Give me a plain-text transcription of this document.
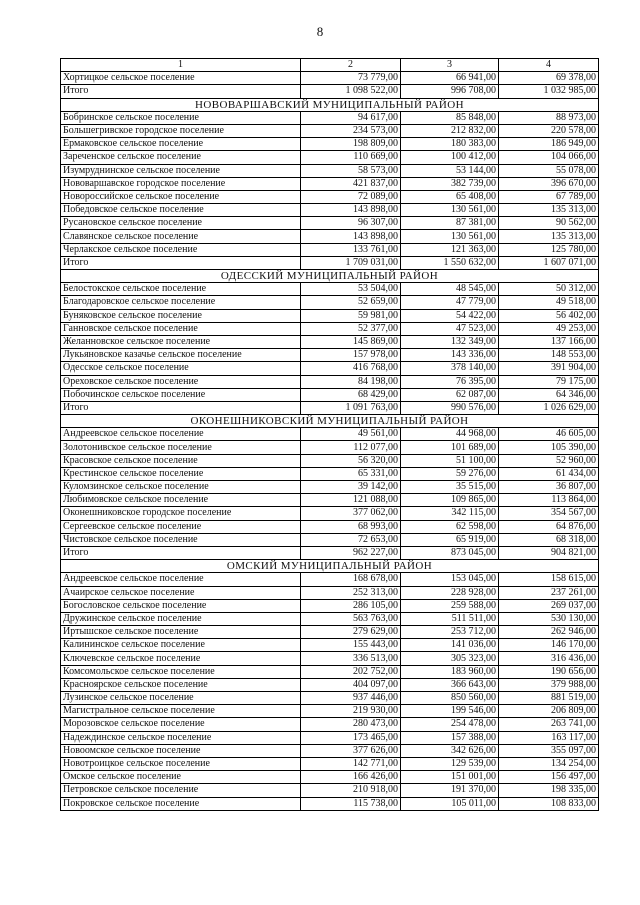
8
1	2	3	4
Хортицкое сельское поселение	73 779,00	66 941,00	69 378,00
Итого	1 098 522,00	996 708,00	1 032 985,00
НОВОВАРШАВСКИЙ МУНИЦИПАЛЬНЫЙ РАЙОН			
Бобринское сельское поселение	94 617,00	85 848,00	88 973,00
Большегривское городское поселение	234 573,00	212 832,00	220 578,00
Ермаковское сельское поселение	198 809,00	180 383,00	186 949,00
Зареченское сельское поселение	110 669,00	100 412,00	104 066,00
Изумруднинское сельское поселение	58 573,00	53 144,00	55 078,00
Нововаршавское городское поселение	421 837,00	382 739,00	396 670,00
Новороссийское сельское поселение	72 089,00	65 408,00	67 789,00
Победовское сельское поселение	143 898,00	130 561,00	135 313,00
Русановское сельское поселение	96 307,00	87 381,00	90 562,00
Славянское сельское поселение	143 898,00	130 561,00	135 313,00
Черлакское сельское поселение	133 761,00	121 363,00	125 780,00
Итого	1 709 031,00	1 550 632,00	1 607 071,00
ОДЕССКИЙ МУНИЦИПАЛЬНЫЙ РАЙОН			
Белостокское сельское поселение	53 504,00	48 545,00	50 312,00
Благодаровское сельское поселение	52 659,00	47 779,00	49 518,00
Буняковское сельское поселение	59 981,00	54 422,00	56 402,00
Ганновское сельское поселение	52 377,00	47 523,00	49 253,00
Желанновское сельское поселение	145 869,00	132 349,00	137 166,00
Лукьяновское казачье сельское поселение	157 978,00	143 336,00	148 553,00
Одесское сельское поселение	416 768,00	378 140,00	391 904,00
Ореховское сельское поселение	84 198,00	76 395,00	79 175,00
Побочинское сельское поселение	68 429,00	62 087,00	64 346,00
Итого	1 091 763,00	990 576,00	1 026 629,00
ОКОНЕШНИКОВСКИЙ МУНИЦИПАЛЬНЫЙ РАЙОН			
Андреевское сельское поселение	49 561,00	44 968,00	46 605,00
Золотонивское сельское поселение	112 077,00	101 689,00	105 390,00
Красовское сельское поселение	56 320,00	51 100,00	52 960,00
Крестинское сельское поселение	65 331,00	59 276,00	61 434,00
Куломзинское сельское поселение	39 142,00	35 515,00	36 807,00
Любимовское сельское поселение	121 088,00	109 865,00	113 864,00
Оконешниковское городское поселение	377 062,00	342 115,00	354 567,00
Сергеевское сельское поселение	68 993,00	62 598,00	64 876,00
Чистовское сельское поселение	72 653,00	65 919,00	68 318,00
Итого	962 227,00	873 045,00	904 821,00
ОМСКИЙ МУНИЦИПАЛЬНЫЙ РАЙОН			
Андреевское сельское поселение	168 678,00	153 045,00	158 615,00
Ачаирское сельское поселение	252 313,00	228 928,00	237 261,00
Богословское сельское поселение	286 105,00	259 588,00	269 037,00
Дружинское сельское поселение	563 763,00	511 511,00	530 130,00
Иртышское сельское поселение	279 629,00	253 712,00	262 946,00
Калининское сельское поселение	155 443,00	141 036,00	146 170,00
Ключевское сельское поселение	336 513,00	305 323,00	316 436,00
Комсомольское сельское поселение	202 752,00	183 960,00	190 656,00
Красноярское сельское поселение	404 097,00	366 643,00	379 988,00
Лузинское сельское поселение	937 446,00	850 560,00	881 519,00
Магистральное сельское поселение	219 930,00	199 546,00	206 809,00
Морозовское сельское поселение	280 473,00	254 478,00	263 741,00
Надеждинское сельское поселение	173 465,00	157 388,00	163 117,00
Новоомское сельское поселение	377 626,00	342 626,00	355 097,00
Новотроицкое сельское поселение	142 771,00	129 539,00	134 254,00
Омское сельское поселение	166 426,00	151 001,00	156 497,00
Петровское сельское поселение	210 918,00	191 370,00	198 335,00
Покровское сельское поселение	115 738,00	105 011,00	108 833,00
